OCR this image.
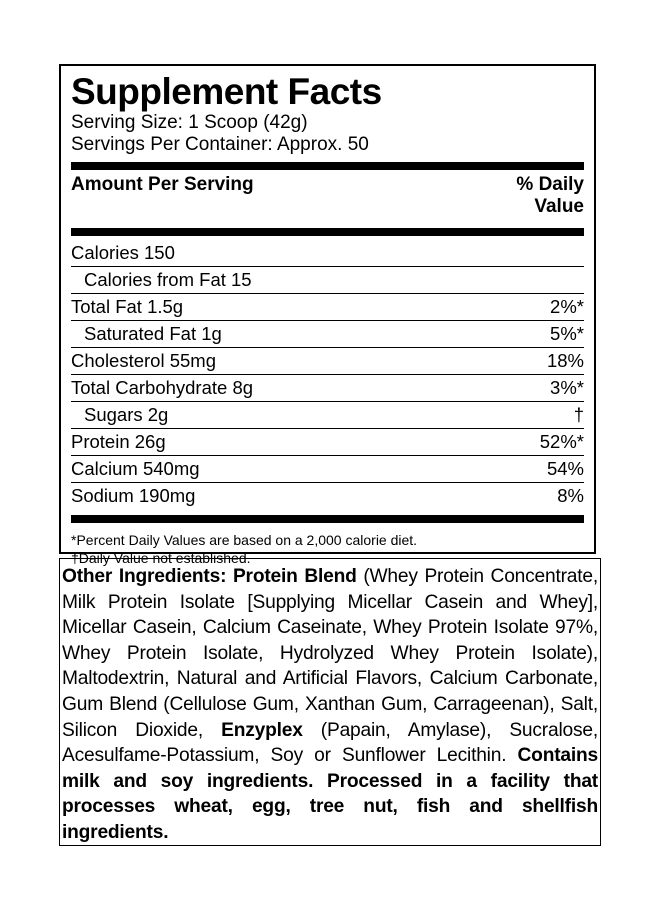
Supplement Facts
Serving Size: 1 Scoop (42g)
Servings Per Container: Approx. 50
Amount Per Serving	% Daily
Value
Calories 150
Calories from Fat 15
Total Fat 1.5g	2%*
Saturated Fat 1g	5%*
Cholesterol 55mg	18%
Total Carbohydrate 8g	3%*
Sugars 2g	†
Protein 26g	52%*
Calcium 540mg	54%
Sodium 190mg	8%
*Percent Daily Values are based on a 2,000 calorie diet.
†Daily Value not established.
Other Ingredients: Protein Blend (Whey Protein Concentrate, Milk Protein Isolate [Supplying Micellar Casein and Whey], Micellar Casein, Calcium Caseinate, Whey Protein Isolate 97%, Whey Protein Isolate, Hydrolyzed Whey Protein Isolate), Maltodextrin, Natural and Artificial Flavors, Calcium Carbonate, Gum Blend (Cellulose Gum, Xanthan Gum, Carrageenan), Salt, Silicon Dioxide, Enzyplex (Papain, Amylase), Sucralose, Acesulfame-Potassium, Soy or Sunflower Lecithin. Contains milk and soy ingredients. Processed in a facility that processes wheat, egg, tree nut, fish and shellfish ingredients.
